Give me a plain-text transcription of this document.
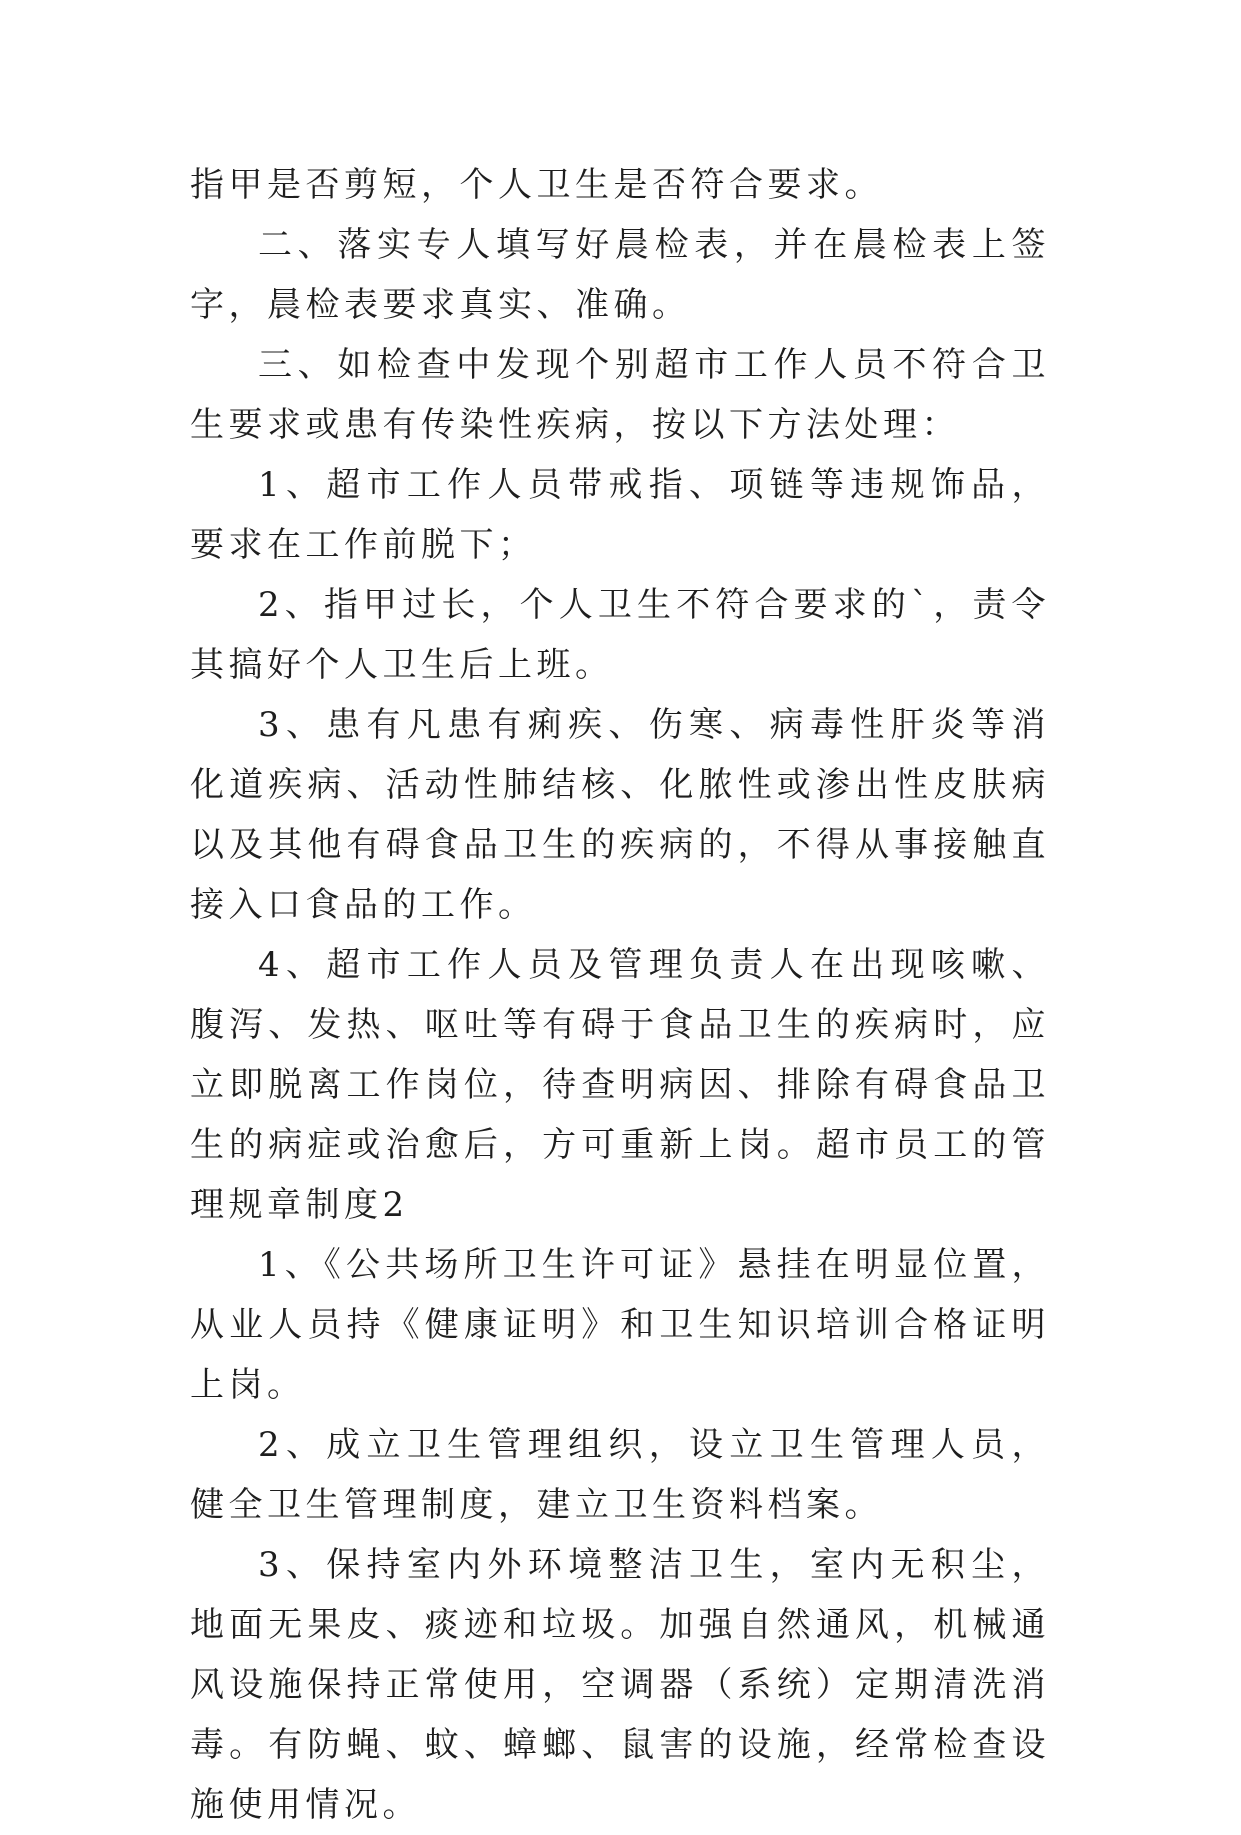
指甲是否剪短，个人卫生是否符合要求。

二、落实专人填写好晨检表，并在晨检表上签字，晨检表要求真实、准确。

三、如检查中发现个别超市工作人员不符合卫生要求或患有传染性疾病，按以下方法处理：

1、超市工作人员带戒指、项链等违规饰品，要求在工作前脱下；

2、指甲过长，个人卫生不符合要求的`，责令其搞好个人卫生后上班。

3、患有凡患有痢疾、伤寒、病毒性肝炎等消化道疾病、活动性肺结核、化脓性或渗出性皮肤病以及其他有碍食品卫生的疾病的，不得从事接触直接入口食品的工作。

4、超市工作人员及管理负责人在出现咳嗽、腹泻、发热、呕吐等有碍于食品卫生的疾病时，应立即脱离工作岗位，待查明病因、排除有碍食品卫生的病症或治愈后，方可重新上岗。超市员工的管理规章制度2

1、《公共场所卫生许可证》悬挂在明显位置，从业人员持《健康证明》和卫生知识培训合格证明上岗。

2、成立卫生管理组织，设立卫生管理人员，健全卫生管理制度，建立卫生资料档案。

3、保持室内外环境整洁卫生，室内无积尘，地面无果皮、痰迹和垃圾。加强自然通风，机械通风设施保持正常使用，空调器（系统）定期清洗消毒。有防蝇、蚊、蟑螂、鼠害的设施，经常检查设施使用情况。
